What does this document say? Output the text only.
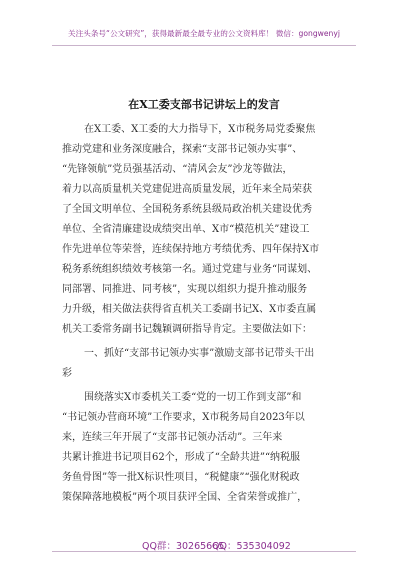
关注头条号“公文研究”，获得最新最全最专业的公文资料库！ 微信：gongwenyj
在X工委支部书记讲坛上的发言
在X工委、X工委的大力指导下，X市税务局党委聚焦
推动党建和业务深度融合，探索“支部书记领办实事”、
“先锋领航”党员强基活动、“清风会友”沙龙等做法，
着力以高质量机关党建促进高质量发展，近年来全局荣获
了全国文明单位、全国税务系统县级局政治机关建设优秀
单位、全省清廉建设成绩突出单、X市“模范机关”建设工
作先进单位等荣誉，连续保持地方考绩优秀、四年保持X市
税务系统组织绩效考核第一名。通过党建与业务“同谋划、
同部署、同推进、同考核”，实现以组织力提升推动服务
力升级，相关做法获得省直机关工委副书记X、X市委直属
机关工委常务副书记魏颖调研指导肯定。主要做法如下：
一、抓好“支部书记领办实事”激励支部书记带头干出
彩
围绕落实X市委机关工委“党的一切工作到支部”和
“书记领办营商环境”工作要求，X市税务局自2023年以
来，连续三年开展了“支部书记领办活动”。三年来
共累计推进书记项目62个，形成了“全龄共进”“纳税服
务鱼骨图”等一批X标识性项目，“税健康”“强化财税政
策保障落地模板”两个项目获评全国、全省荣誉或推广，
QQ群：30265665
QQ：535304092
